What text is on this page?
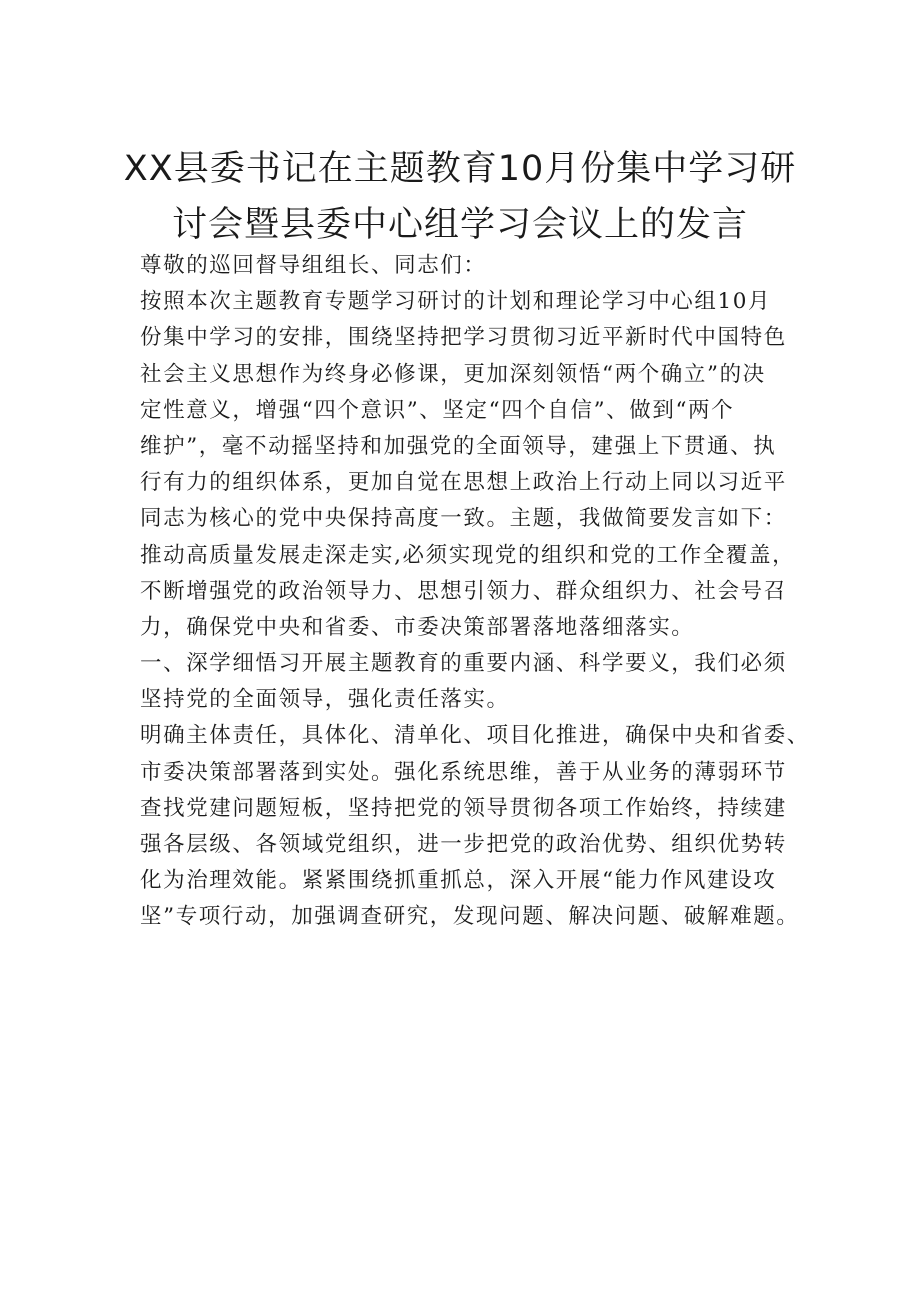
XX县委书记在主题教育10月份集中学习研
讨会暨县委中心组学习会议上的发言
尊敬的巡回督导组组长、同志们：
按照本次主题教育专题学习研讨的计划和理论学习中心组10月
份集中学习的安排，围绕坚持把学习贯彻习近平新时代中国特色
社会主义思想作为终身必修课，更加深刻领悟“两个确立”的决
定性意义，增强“四个意识”、坚定“四个自信”、做到“两个
维护”，毫不动摇坚持和加强党的全面领导，建强上下贯通、执
行有力的组织体系，更加自觉在思想上政治上行动上同以习近平
同志为核心的党中央保持高度一致。主题，我做简要发言如下：
推动高质量发展走深走实,必须实现党的组织和党的工作全覆盖，
不断增强党的政治领导力、思想引领力、群众组织力、社会号召
力，确保党中央和省委、市委决策部署落地落细落实。
一、深学细悟习开展主题教育的重要内涵、科学要义，我们必须
坚持党的全面领导，强化责任落实。
明确主体责任，具体化、清单化、项目化推进，确保中央和省委、
市委决策部署落到实处。强化系统思维，善于从业务的薄弱环节
查找党建问题短板，坚持把党的领导贯彻各项工作始终，持续建
强各层级、各领域党组织，进一步把党的政治优势、组织优势转
化为治理效能。紧紧围绕抓重抓总，深入开展“能力作风建设攻
坚”专项行动，加强调查研究，发现问题、解决问题、破解难题。
